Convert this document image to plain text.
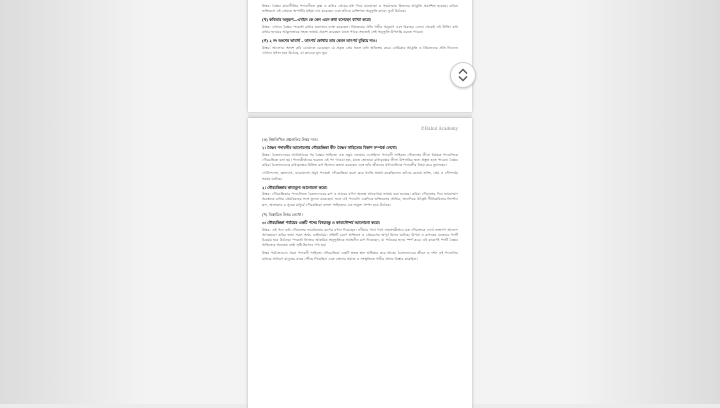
উত্তর: বৈষ্ণব কাব্যগীতির পদাবলীতে কৃষ্ণ ও রাধার প্রেমের মধ্য দিয়ে মানবাত্মা ও পরমাত্মার মিলনের আকুতি প্রকাশিত হয়েছে। কবিরা ভক্তিরসে এই প্রেমকে অপার্থিব মহিমা দান করেছেন এবং তাঁদের ব্যক্তিগত অনুভূতি কাব্যে ফুটে উঠেছে।

(খ) কবিতার অনুরূপ—এখানে কে কেন এমন কথা বলেছেন ব্যাখ্যা করো।

উত্তর: এখানে বৈষ্ণব পদকর্তা রাধার মনোভাব ব্যক্ত করেছেন। প্রিয়তমের প্রতি গভীর অনুরাগ এবং বিরহের বেদনা থেকেই এই উক্তি। কবি রাধার হৃদয়ের আকুলতাকে সহজ ভাষায় প্রকাশ করেছেন যাতে পাঠক সহজেই সেই অনুভূতি উপলব্ধি করতে পারেন।

(গ) ২ নং অংশের ভাবার্থ – তাৎপর্য কোথায় তার কেমন তাৎপর্য বুঝিয়ে দাও।

উত্তর: আলোচ্য অংশে কবি বোঝাতে চেয়েছেন যে প্রকৃত প্রেম সকল বাধা অতিক্রম করে। প্রেমিকার আকুতি ও প্রিয়জনের প্রতি নিবেদন এখানে প্রধান হয়ে উঠেছে, যা কাব্যের মূল সুর।

©Rahul Academy

(ক) নিম্নলিখিত প্রশ্নগুলির উত্তর দাও।

১। বৈষ্ণব পদাবলীর আলোচনায় গৌরচন্দ্রিকা কী? বৈষ্ণব সাহিত্যের বিকাশ সম্পর্কে লেখো।

উত্তর: চৈতন্যদেবের আবির্ভাবের পর বৈষ্ণব সাহিত্যে এক নতুন জোয়ার এসেছিল। পদাবলী সাহিত্যে গৌরাঙ্গের লীলা বিষয়ক পদগুলিকে গৌরচন্দ্রিকা বলা হয়। পালাকীর্তনের শুরুতে এই পদ গাওয়া হত, যাতে শ্রোতারা রাধাকৃষ্ণের লীলা উপলব্ধির জন্য প্রস্তুত হতে পারেন। বৈষ্ণব কবিরা চৈতন্যদেবকে রাধাকৃষ্ণের মিলিত রূপ হিসেবে কল্পনা করেছেন এবং তাঁর জীবনের ঘটনাবলিকে পদাবলীর বিষয় করে তুলেছেন।

গোবিন্দদাস, জ্ঞানদাস, বলরামদাস প্রমুখ পদকর্তা গৌরচন্দ্রিকা রচনা করে খ্যাতি অর্জন করেছিলেন। তাঁদের রচনায় ভক্তি, প্রেম ও সৌন্দর্যের সমন্বয় ঘটেছে।

২। গৌরচন্দ্রিকার কাব্যমূল্য আলোচনা করো।

উত্তর: গৌরচন্দ্রিকার পদগুলিতে চৈতন্যদেবের রূপ ও ভাবের বর্ণনা অত্যন্ত আবেগময় ভাষায় করা হয়েছে। কবিরা গৌরাঙ্গের দিব্য ভাবোন্মাদ অবস্থাকে রাধার প্রেমবিরহের সঙ্গে তুলনা করেছেন। ফলে এই পদগুলি একদিকে ভক্তিরসের আধার, অন্যদিকে উৎকৃষ্ট গীতিকবিতার নিদর্শন। ছন্দ, অলংকার ও সুরের মাধুর্যে গৌরচন্দ্রিকা বাংলা সাহিত্যের এক অমূল্য সম্পদ হয়ে উঠেছে।

(খ) বিস্তারিত উত্তর লেখো।

৩। গৌরচন্দ্রিকা পর্যায়ের একটি পদের বিষয়বস্তু ও কাব্যসৌন্দর্য আলোচনা করো।

উত্তর: এই পদে কবি গৌরাঙ্গের ভাববিভোর রূপের বর্ণনা দিয়েছেন। নদীয়ার পথে পথে নামসংকীর্তনে মত্ত গৌরাঙ্গকে দেখে ভক্তগণ আনন্দে আত্মহারা। কবির ভাষা সরল অথচ ব্যঞ্জনাময়। প্রতিটি চরণে ভক্তিরস ও প্রেমরসের অপূর্ব মিলন ঘটেছে। উপমা ও রূপকের ব্যবহারে পদটি চিত্রময় হয়ে উঠেছে। পদকর্তা নিজের আন্তরিক অনুভূতিকে সর্বজনীন রূপ দিয়েছেন, যা পাঠকের হৃদয় স্পর্শ করে। এই কারণেই পদটি বৈষ্ণব সাহিত্যের অন্যতম শ্রেষ্ঠ সৃষ্টি হিসেবে গণ্য হয়।

উত্তর পর্যালোচনা: সমগ্র পদাবলী সাহিত্যে গৌরচন্দ্রিকা একটি স্বতন্ত্র স্থান অধিকার করে আছে। চৈতন্যদেবের জীবন ও দর্শন এই পদগুলির মাধ্যমে সাধারণ মানুষের কাছে পৌঁছে গিয়েছিল এবং বাংলার সমাজ ও সংস্কৃতিতে গভীর প্রভাব বিস্তার করেছিল।
